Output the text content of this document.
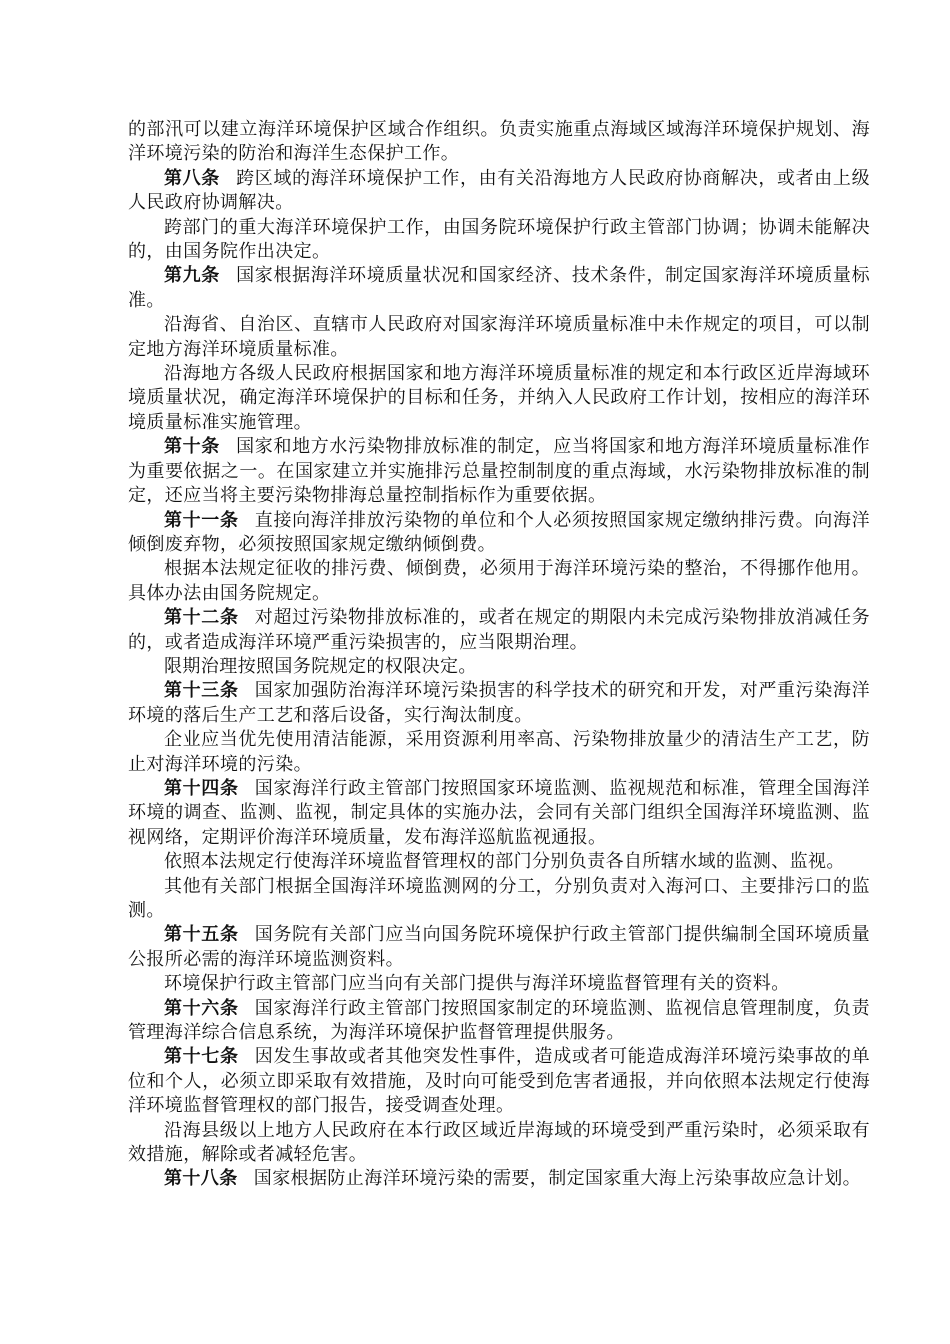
的部汛可以建立海洋环境保护区域合作组织。负责实施重点海域区域海洋环境保护规划、海洋环境污染的防治和海洋生态保护工作。

第八条 跨区域的海洋环境保护工作，由有关沿海地方人民政府协商解决，或者由上级人民政府协调解决。

跨部门的重大海洋环境保护工作，由国务院环境保护行政主管部门协调；协调未能解决的，由国务院作出决定。

第九条 国家根据海洋环境质量状况和国家经济、技术条件，制定国家海洋环境质量标准。

沿海省、自治区、直辖市人民政府对国家海洋环境质量标准中未作规定的项目，可以制定地方海洋环境质量标准。

沿海地方各级人民政府根据国家和地方海洋环境质量标准的规定和本行政区近岸海域环境质量状况，确定海洋环境保护的目标和任务，并纳入人民政府工作计划，按相应的海洋环境质量标准实施管理。

第十条 国家和地方水污染物排放标准的制定，应当将国家和地方海洋环境质量标准作为重要依据之一。在国家建立并实施排污总量控制制度的重点海域，水污染物排放标准的制定，还应当将主要污染物排海总量控制指标作为重要依据。

第十一条 直接向海洋排放污染物的单位和个人必须按照国家规定缴纳排污费。向海洋倾倒废弃物，必须按照国家规定缴纳倾倒费。

根据本法规定征收的排污费、倾倒费，必须用于海洋环境污染的整治，不得挪作他用。具体办法由国务院规定。

第十二条 对超过污染物排放标准的，或者在规定的期限内未完成污染物排放消减任务的，或者造成海洋环境严重污染损害的，应当限期治理。

限期治理按照国务院规定的权限决定。

第十三条 国家加强防治海洋环境污染损害的科学技术的研究和开发，对严重污染海洋环境的落后生产工艺和落后设备，实行淘汰制度。

企业应当优先使用清洁能源，采用资源利用率高、污染物排放量少的清洁生产工艺，防止对海洋环境的污染。

第十四条 国家海洋行政主管部门按照国家环境监测、监视规范和标准，管理全国海洋环境的调查、监测、监视，制定具体的实施办法，会同有关部门组织全国海洋环境监测、监视网络，定期评价海洋环境质量，发布海洋巡航监视通报。

依照本法规定行使海洋环境监督管理权的部门分别负责各自所辖水域的监测、监视。

其他有关部门根据全国海洋环境监测网的分工，分别负责对入海河口、主要排污口的监测。

第十五条 国务院有关部门应当向国务院环境保护行政主管部门提供编制全国环境质量公报所必需的海洋环境监测资料。

环境保护行政主管部门应当向有关部门提供与海洋环境监督管理有关的资料。

第十六条 国家海洋行政主管部门按照国家制定的环境监测、监视信息管理制度，负责管理海洋综合信息系统，为海洋环境保护监督管理提供服务。

第十七条 因发生事故或者其他突发性事件，造成或者可能造成海洋环境污染事故的单位和个人，必须立即采取有效措施，及时向可能受到危害者通报，并向依照本法规定行使海洋环境监督管理权的部门报告，接受调查处理。

沿海县级以上地方人民政府在本行政区域近岸海域的环境受到严重污染时，必须采取有效措施，解除或者减轻危害。

第十八条 国家根据防止海洋环境污染的需要，制定国家重大海上污染事故应急计划。
